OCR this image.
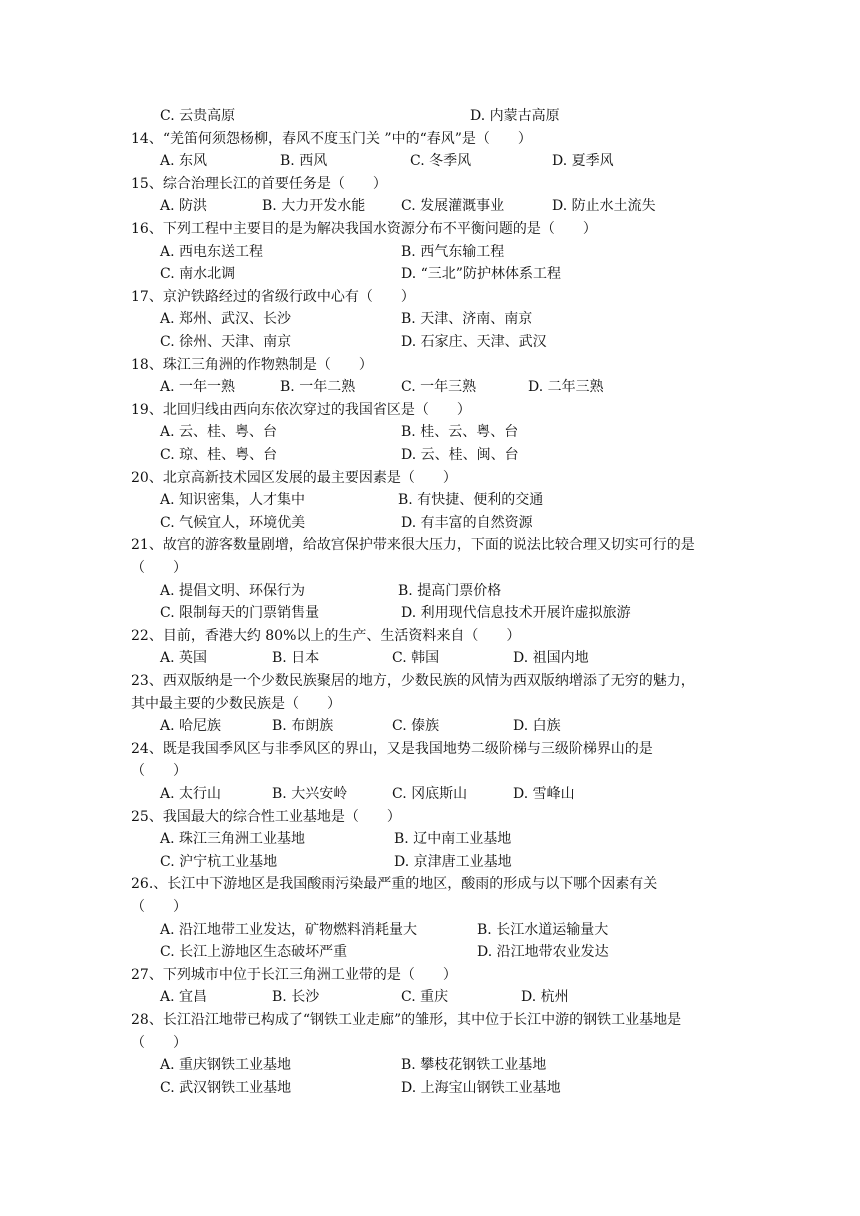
C. 云贵高原	D. 内蒙古高原
14、“羌笛何须怨杨柳，春风不度玉门关 ”中的“春风”是（　　）
A. 东风	B. 西风	C. 冬季风	D. 夏季风
15、综合治理长江的首要任务是（　　）
A. 防洪	B. 大力开发水能	C. 发展灌溉事业	D. 防止水土流失
16、下列工程中主要目的是为解决我国水资源分布不平衡问题的是（　　）
A. 西电东送工程	B. 西气东输工程
C. 南水北调	D. “三北”防护林体系工程
17、京沪铁路经过的省级行政中心有（　　）
A. 郑州、武汉、长沙	B. 天津、济南、南京
C. 徐州、天津、南京	D. 石家庄、天津、武汉
18、珠江三角洲的作物熟制是（　　）
A. 一年一熟	B. 一年二熟	C. 一年三熟	D. 二年三熟
19、北回归线由西向东依次穿过的我国省区是（　　）
A. 云、桂、粤、台	B. 桂、云、粤、台
C. 琼、桂、粤、台	D. 云、桂、闽、台
20、北京高新技术园区发展的最主要因素是（　　）
A. 知识密集，人才集中	B. 有快捷、便利的交通
C. 气候宜人，环境优美	D. 有丰富的自然资源
21、故宫的游客数量剧增，给故宫保护带来很大压力，下面的说法比较合理又切实可行的是
（　　）
A. 提倡文明、环保行为	B. 提高门票价格
C. 限制每天的门票销售量	D. 利用现代信息技术开展许虚拟旅游
22、目前，香港大约 80%以上的生产、生活资料来自（　　）
A. 英国	B. 日本	C. 韩国	D. 祖国内地
23、西双版纳是一个少数民族聚居的地方，少数民族的风情为西双版纳增添了无穷的魅力，
其中最主要的少数民族是（　　）
A. 哈尼族	B. 布朗族	C. 傣族	D. 白族
24、既是我国季风区与非季风区的界山，又是我国地势二级阶梯与三级阶梯界山的是
（　　）
A. 太行山	B. 大兴安岭	C. 冈底斯山	D. 雪峰山
25、我国最大的综合性工业基地是（　　）
A. 珠江三角洲工业基地	B. 辽中南工业基地
C. 沪宁杭工业基地	D. 京津唐工业基地
26.、长江中下游地区是我国酸雨污染最严重的地区，酸雨的形成与以下哪个因素有关
（　　）
A. 沿江地带工业发达，矿物燃料消耗量大	B. 长江水道运输量大
C. 长江上游地区生态破坏严重	D. 沿江地带农业发达
27、下列城市中位于长江三角洲工业带的是（　　）
A. 宜昌	B. 长沙	C. 重庆	D. 杭州
28、长江沿江地带已构成了“钢铁工业走廊”的雏形，其中位于长江中游的钢铁工业基地是
（　　）
A. 重庆钢铁工业基地	B. 攀枝花钢铁工业基地
C. 武汉钢铁工业基地	D. 上海宝山钢铁工业基地
